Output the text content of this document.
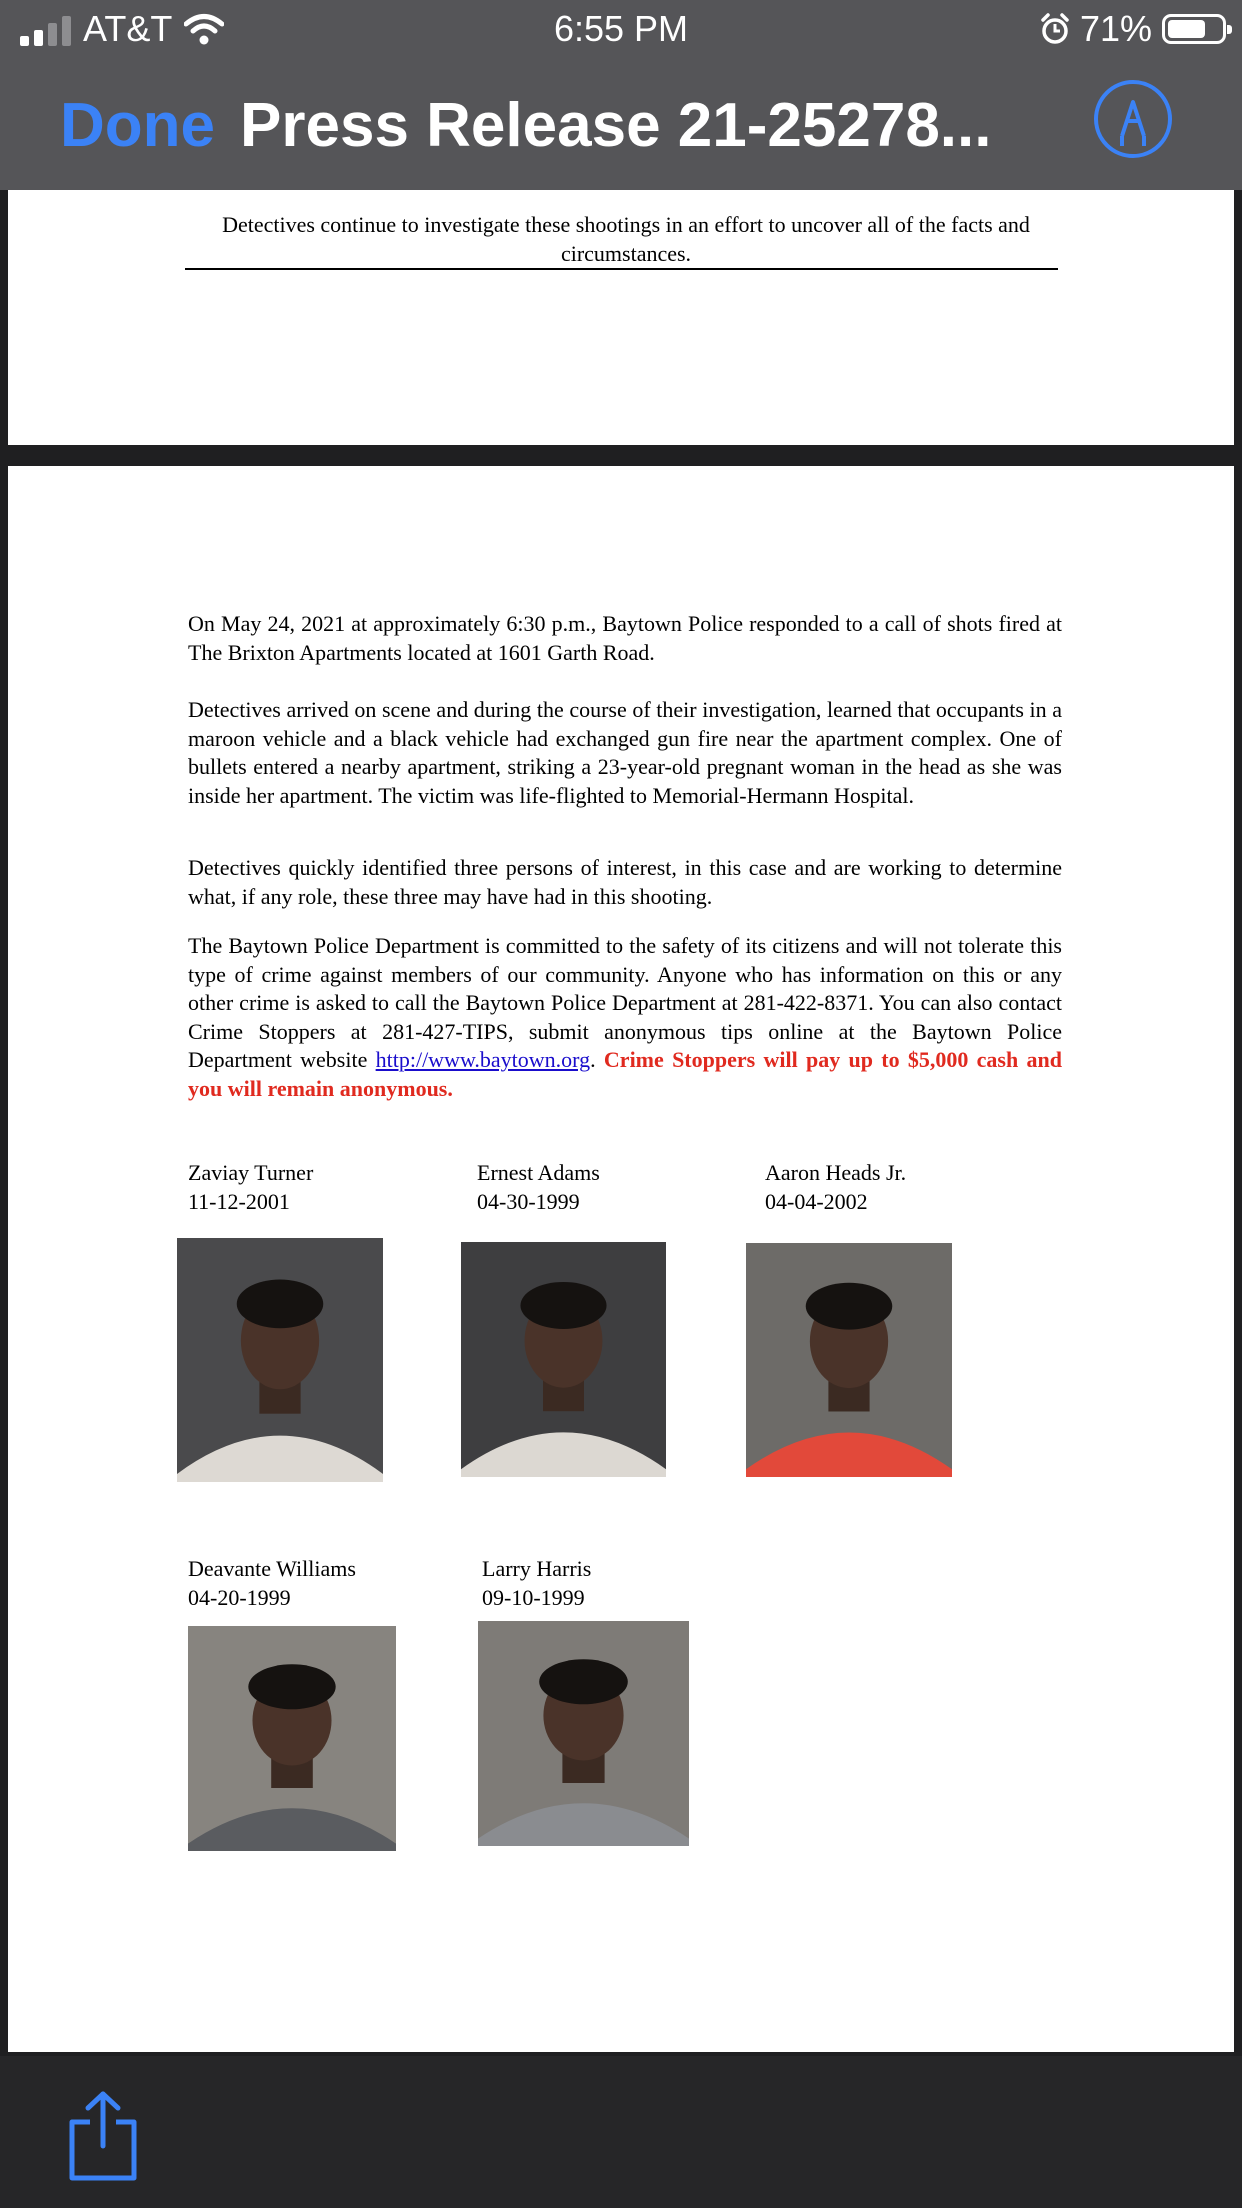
AT&T	6:55 PM	71%
Done Press Release 21-25278...
Detectives continue to investigate these shootings in an effort to uncover all of the facts and circumstances.
On May 24, 2021 at approximately 6:30 p.m., Baytown Police responded to a call of shots fired at The Brixton Apartments located at 1601 Garth Road.
Detectives arrived on scene and during the course of their investigation, learned that occupants in a maroon vehicle and a black vehicle had exchanged gun fire near the apartment complex. One of bullets entered a nearby apartment, striking a 23-year-old pregnant woman in the head as she was inside her apartment. The victim was life-flighted to Memorial-Hermann Hospital.
Detectives quickly identified three persons of interest, in this case and are working to determine what, if any role, these three may have had in this shooting.
The Baytown Police Department is committed to the safety of its citizens and will not tolerate this type of crime against members of our community. Anyone who has information on this or any other crime is asked to call the Baytown Police Department at 281-422-8371. You can also contact Crime Stoppers at 281-427-TIPS, submit anonymous tips online at the Baytown Police Department website http://www.baytown.org. Crime Stoppers will pay up to $5,000 cash and you will remain anonymous.
Zaviay Turner
11-12-2001
Ernest Adams
04-30-1999
Aaron Heads Jr.
04-04-2002
Deavante Williams
04-20-1999
Larry Harris
09-10-1999
